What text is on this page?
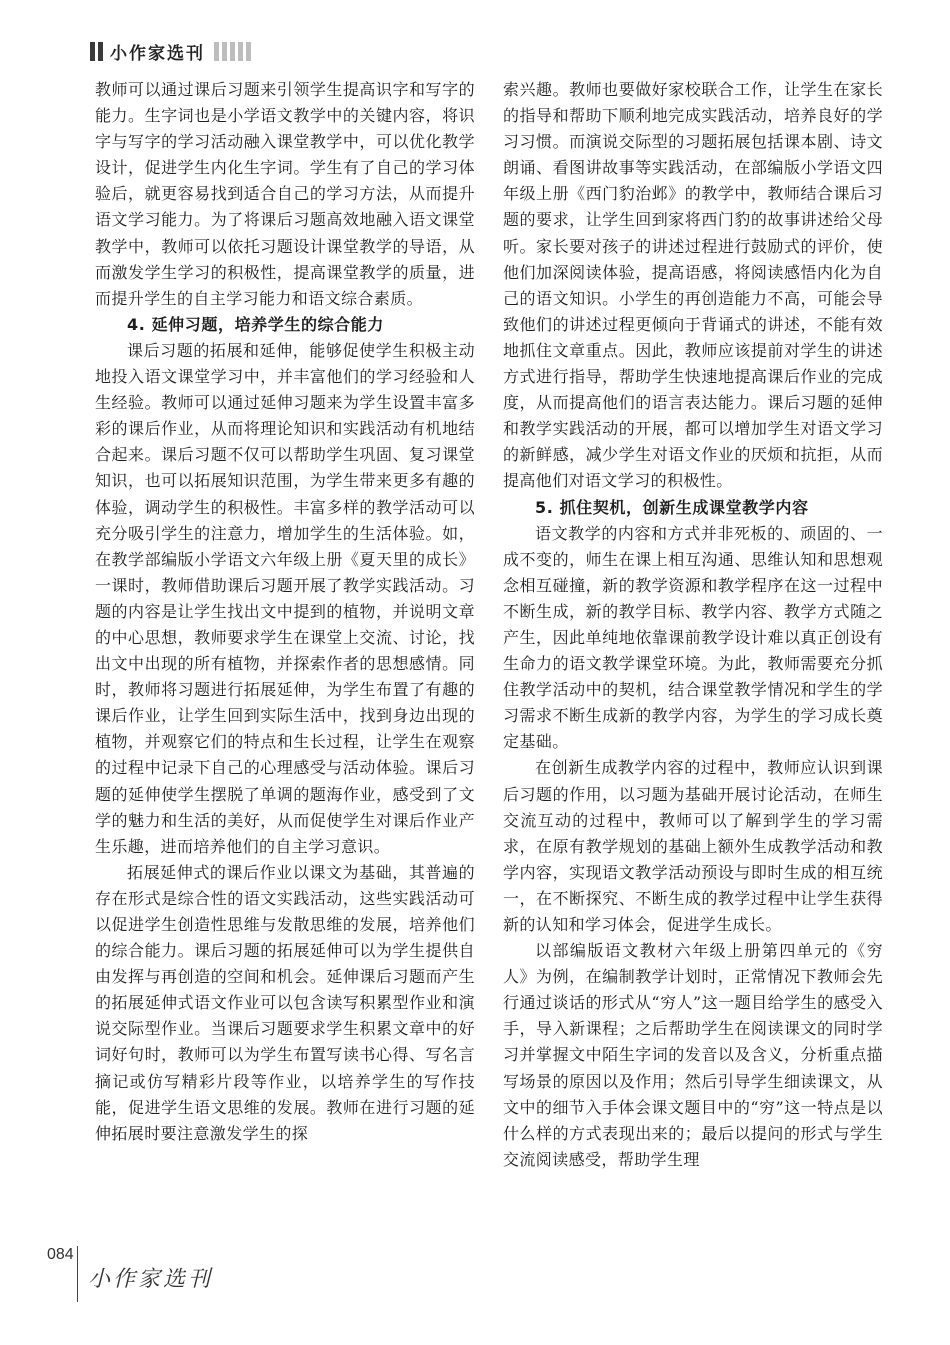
小作家选刊

教师可以通过课后习题来引领学生提高识字和写字的能力。生字词也是小学语文教学中的关键内容，将识字与写字的学习活动融入课堂教学中，可以优化教学设计，促进学生内化生字词。学生有了自己的学习体验后，就更容易找到适合自己的学习方法，从而提升语文学习能力。为了将课后习题高效地融入语文课堂教学中，教师可以依托习题设计课堂教学的导语，从而激发学生学习的积极性，提高课堂教学的质量，进而提升学生的自主学习能力和语文综合素质。

4. 延伸习题，培养学生的综合能力

课后习题的拓展和延伸，能够促使学生积极主动地投入语文课堂学习中，并丰富他们的学习经验和人生经验。教师可以通过延伸习题来为学生设置丰富多彩的课后作业，从而将理论知识和实践活动有机地结合起来。课后习题不仅可以帮助学生巩固、复习课堂知识，也可以拓展知识范围，为学生带来更多有趣的体验，调动学生的积极性。丰富多样的教学活动可以充分吸引学生的注意力，增加学生的生活体验。如，在教学部编版小学语文六年级上册《夏天里的成长》一课时，教师借助课后习题开展了教学实践活动。习题的内容是让学生找出文中提到的植物，并说明文章的中心思想，教师要求学生在课堂上交流、讨论，找出文中出现的所有植物，并探索作者的思想感情。同时，教师将习题进行拓展延伸，为学生布置了有趣的课后作业，让学生回到实际生活中，找到身边出现的植物，并观察它们的特点和生长过程，让学生在观察的过程中记录下自己的心理感受与活动体验。课后习题的延伸使学生摆脱了单调的题海作业，感受到了文学的魅力和生活的美好，从而促使学生对课后作业产生乐趣，进而培养他们的自主学习意识。

拓展延伸式的课后作业以课文为基础，其普遍的存在形式是综合性的语文实践活动，这些实践活动可以促进学生创造性思维与发散思维的发展，培养他们的综合能力。课后习题的拓展延伸可以为学生提供自由发挥与再创造的空间和机会。延伸课后习题而产生的拓展延伸式语文作业可以包含读写积累型作业和演说交际型作业。当课后习题要求学生积累文章中的好词好句时，教师可以为学生布置写读书心得、写名言摘记或仿写精彩片段等作业，以培养学生的写作技能，促进学生语文思维的发展。教师在进行习题的延伸拓展时要注意激发学生的探

索兴趣。教师也要做好家校联合工作，让学生在家长的指导和帮助下顺利地完成实践活动，培养良好的学习习惯。而演说交际型的习题拓展包括课本剧、诗文朗诵、看图讲故事等实践活动，在部编版小学语文四年级上册《西门豹治邺》的教学中，教师结合课后习题的要求，让学生回到家将西门豹的故事讲述给父母听。家长要对孩子的讲述过程进行鼓励式的评价，使他们加深阅读体验，提高语感，将阅读感悟内化为自己的语文知识。小学生的再创造能力不高，可能会导致他们的讲述过程更倾向于背诵式的讲述，不能有效地抓住文章重点。因此，教师应该提前对学生的讲述方式进行指导，帮助学生快速地提高课后作业的完成度，从而提高他们的语言表达能力。课后习题的延伸和教学实践活动的开展，都可以增加学生对语文学习的新鲜感，减少学生对语文作业的厌烦和抗拒，从而提高他们对语文学习的积极性。

5. 抓住契机，创新生成课堂教学内容

语文教学的内容和方式并非死板的、顽固的、一成不变的，师生在课上相互沟通、思维认知和思想观念相互碰撞，新的教学资源和教学程序在这一过程中不断生成，新的教学目标、教学内容、教学方式随之产生，因此单纯地依靠课前教学设计难以真正创设有生命力的语文教学课堂环境。为此，教师需要充分抓住教学活动中的契机，结合课堂教学情况和学生的学习需求不断生成新的教学内容，为学生的学习成长奠定基础。

在创新生成教学内容的过程中，教师应认识到课后习题的作用，以习题为基础开展讨论活动，在师生交流互动的过程中，教师可以了解到学生的学习需求，在原有教学规划的基础上额外生成教学活动和教学内容，实现语文教学活动预设与即时生成的相互统一，在不断探究、不断生成的教学过程中让学生获得新的认知和学习体会，促进学生成长。

以部编版语文教材六年级上册第四单元的《穷人》为例，在编制教学计划时，正常情况下教师会先行通过谈话的形式从“穷人”这一题目给学生的感受入手，导入新课程；之后帮助学生在阅读课文的同时学习并掌握文中陌生字词的发音以及含义，分析重点描写场景的原因以及作用；然后引导学生细读课文，从文中的细节入手体会课文题目中的“穷”这一特点是以什么样的方式表现出来的；最后以提问的形式与学生交流阅读感受，帮助学生理

084
小作家选刊
